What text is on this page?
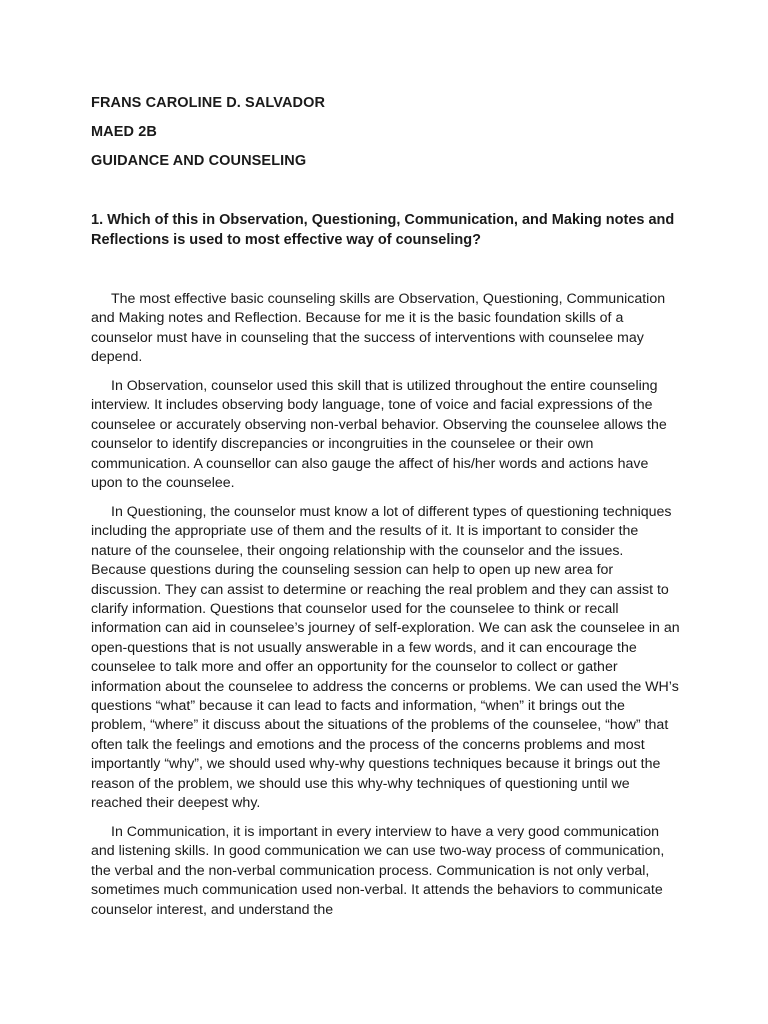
FRANS CAROLINE D. SALVADOR
MAED 2B
GUIDANCE AND COUNSELING
1. Which of this in Observation, Questioning, Communication, and Making notes and Reflections is used to most effective way of counseling?

The most effective basic counseling skills are Observation, Questioning, Communication and Making notes and Reflection. Because for me it is the basic foundation skills of a counselor must have in counseling that the success of interventions with counselee may depend.

In Observation, counselor used this skill that is utilized throughout the entire counseling interview. It includes observing body language, tone of voice and facial expressions of the counselee or accurately observing non-verbal behavior. Observing the counselee allows the counselor to identify discrepancies or incongruities in the counselee or their own communication. A counsellor can also gauge the affect of his/her words and actions have upon to the counselee.

In Questioning, the counselor must know a lot of different types of questioning techniques including the appropriate use of them and the results of it. It is important to consider the nature of the counselee, their ongoing relationship with the counselor and the issues. Because questions during the counseling session can help to open up new area for discussion. They can assist to determine or reaching the real problem and they can assist to clarify information. Questions that counselor used for the counselee to think or recall information can aid in counselee’s journey of self-exploration. We can ask the counselee in an open-questions that is not usually answerable in a few words, and it can encourage the counselee to talk more and offer an opportunity for the counselor to collect or gather information about the counselee to address the concerns or problems. We can used the WH’s questions “what” because it can lead to facts and information, “when” it brings out the problem, “where” it discuss about the situations of the problems of the counselee, “how” that often talk the feelings and emotions and the process of the concerns problems and most importantly “why”, we should used why-why questions techniques because it brings out the reason of the problem, we should use this why-why techniques of questioning until we reached their deepest why.

In Communication, it is important in every interview to have a very good communication and listening skills. In good communication we can use two-way process of communication, the verbal and the non-verbal communication process. Communication is not only verbal, sometimes much communication used non-verbal. It attends the behaviors to communicate counselor interest, and understand the
